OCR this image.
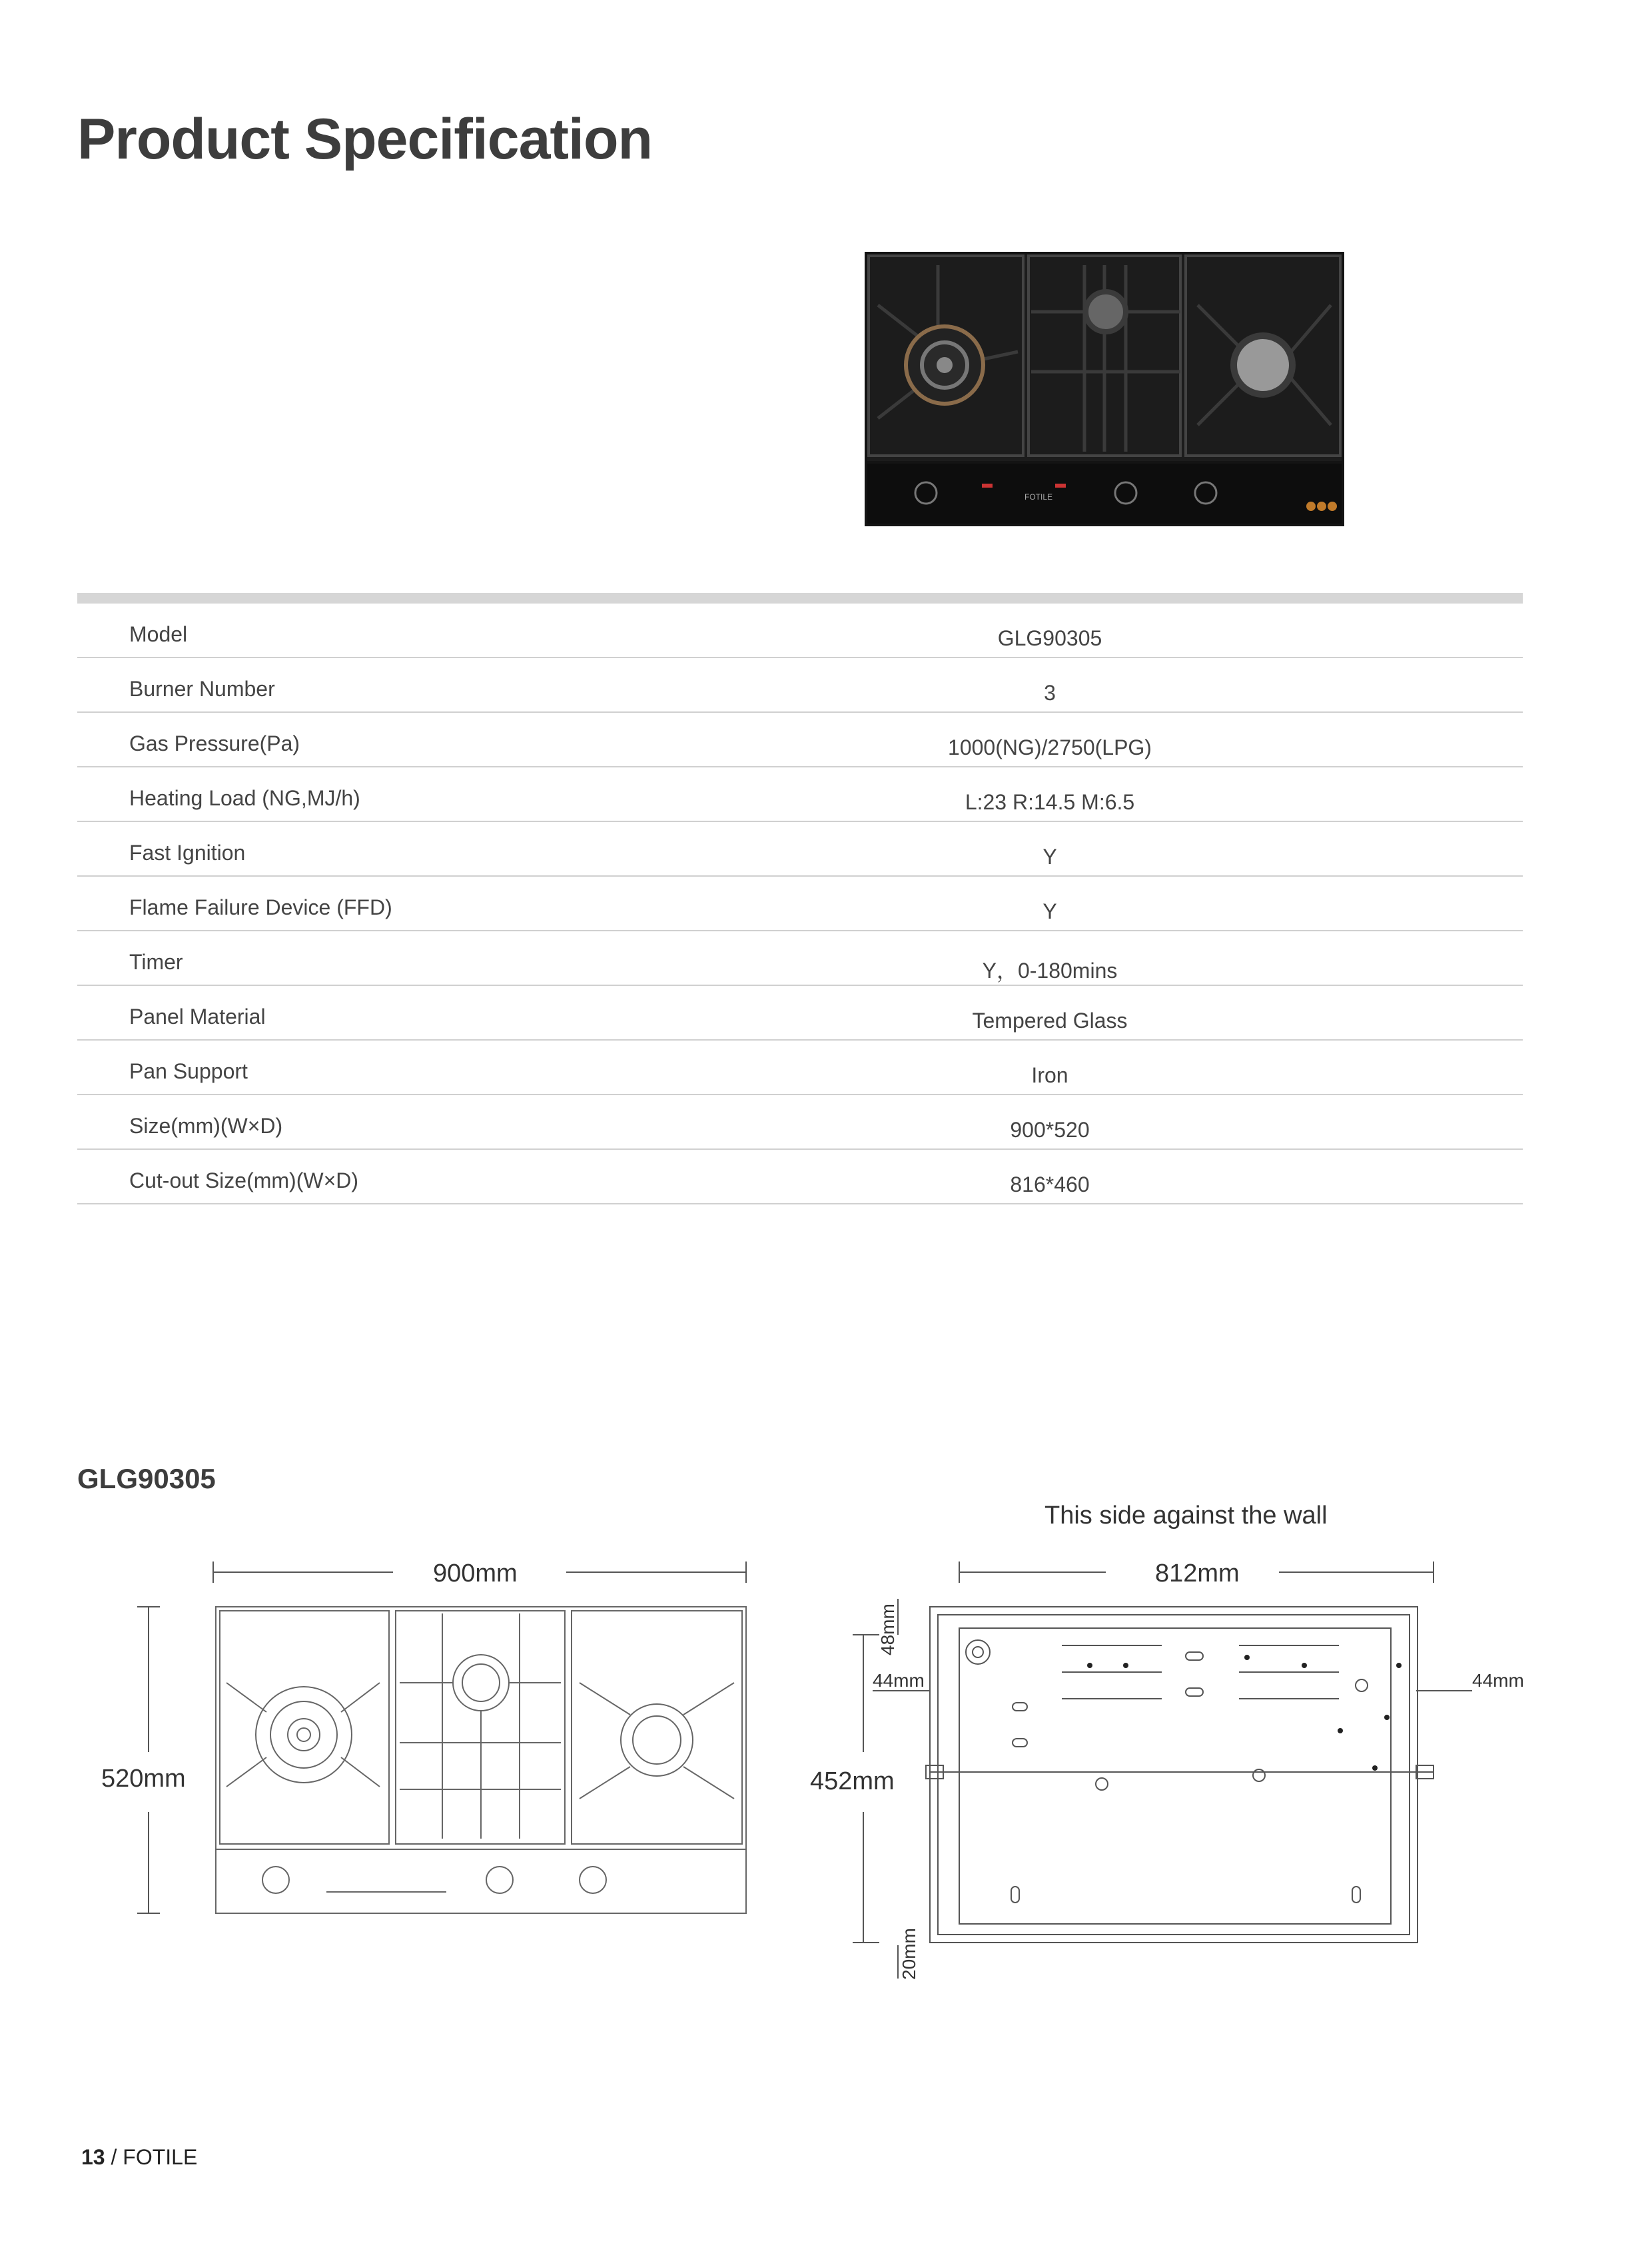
Product Specification
FOTILE
Model	GLG90305
Burner Number	3
Gas Pressure(Pa)	1000(NG)/2750(LPG)
Heating Load (NG,MJ/h)	L:23 R:14.5 M:6.5
Fast Ignition	Y
Flame Failure Device (FFD)	Y
Timer	Y，0-180mins
Panel Material	Tempered Glass
Pan Support	Iron
Size(mm)(W×D)	900*520
Cut-out Size(mm)(W×D)	816*460
GLG90305
This side against the wall
900mm
520mm
812mm
452mm
48mm
44mm	44mm
20mm
13 / FOTILE
